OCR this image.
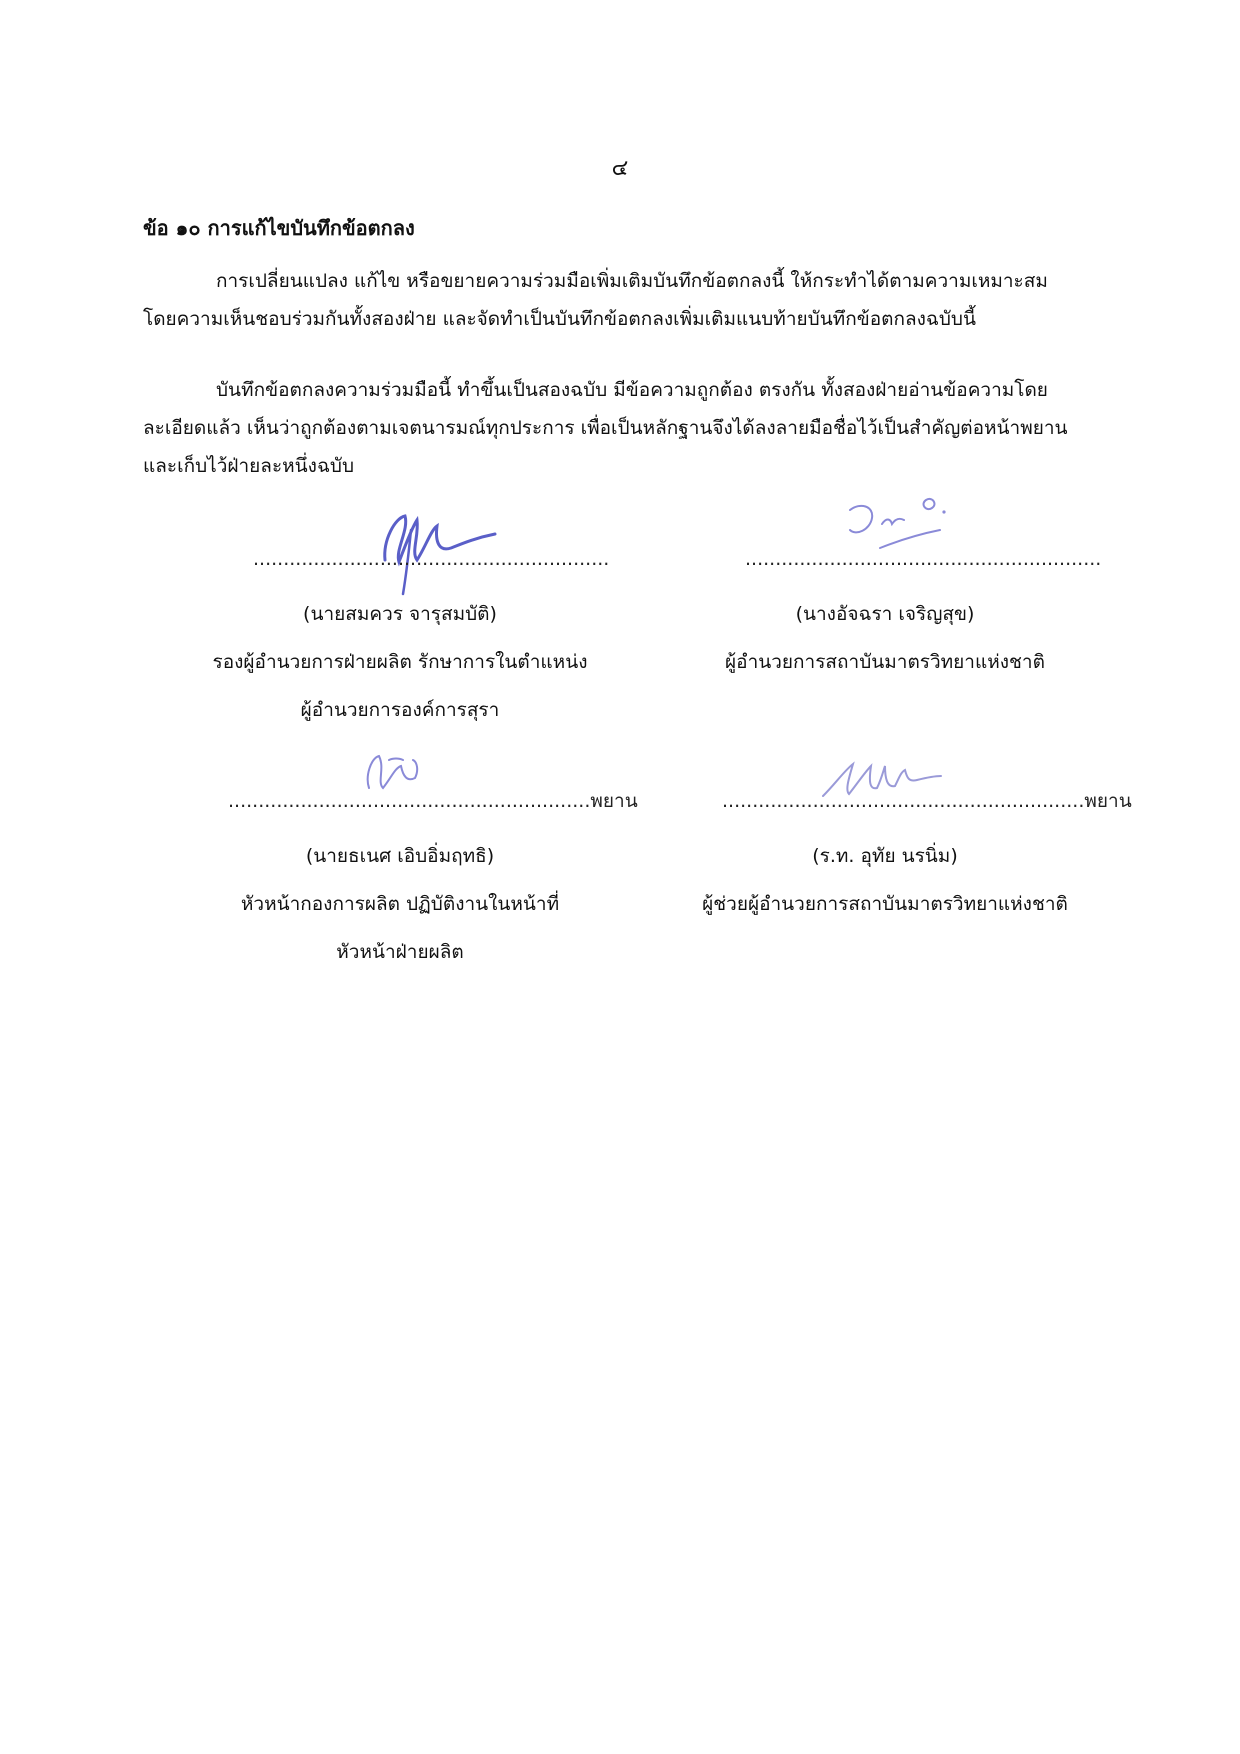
๔
ข้อ ๑๐ การแก้ไขบันทึกข้อตกลง
การเปลี่ยนแปลง แก้ไข หรือขยายความร่วมมือเพิ่มเติมบันทึกข้อตกลงนี้ ให้กระทำได้ตามความเหมาะสม
โดยความเห็นชอบร่วมกันทั้งสองฝ่าย และจัดทำเป็นบันทึกข้อตกลงเพิ่มเติมแนบท้ายบันทึกข้อตกลงฉบับนี้
บันทึกข้อตกลงความร่วมมือนี้ ทำขึ้นเป็นสองฉบับ มีข้อความถูกต้อง ตรงกัน ทั้งสองฝ่ายอ่านข้อความโดย
ละเอียดแล้ว เห็นว่าถูกต้องตามเจตนารมณ์ทุกประการ เพื่อเป็นหลักฐานจึงได้ลงลายมือชื่อไว้เป็นสำคัญต่อหน้าพยาน
และเก็บไว้ฝ่ายละหนึ่งฉบับ
...........................................................	...........................................................
(นายสมควร จารุสมบัติ)
รองผู้อำนวยการฝ่ายผลิต รักษาการในตำแหน่ง
ผู้อำนวยการองค์การสุรา
(นางอัจฉรา เจริญสุข)
ผู้อำนวยการสถาบันมาตรวิทยาแห่งชาติ
............................................................พยาน	............................................................พยาน
(นายธเนศ เอิบอิ่มฤทธิ)
หัวหน้ากองการผลิต ปฏิบัติงานในหน้าที่
หัวหน้าฝ่ายผลิต
(ร.ท. อุทัย นรนิ่ม)
ผู้ช่วยผู้อำนวยการสถาบันมาตรวิทยาแห่งชาติ
